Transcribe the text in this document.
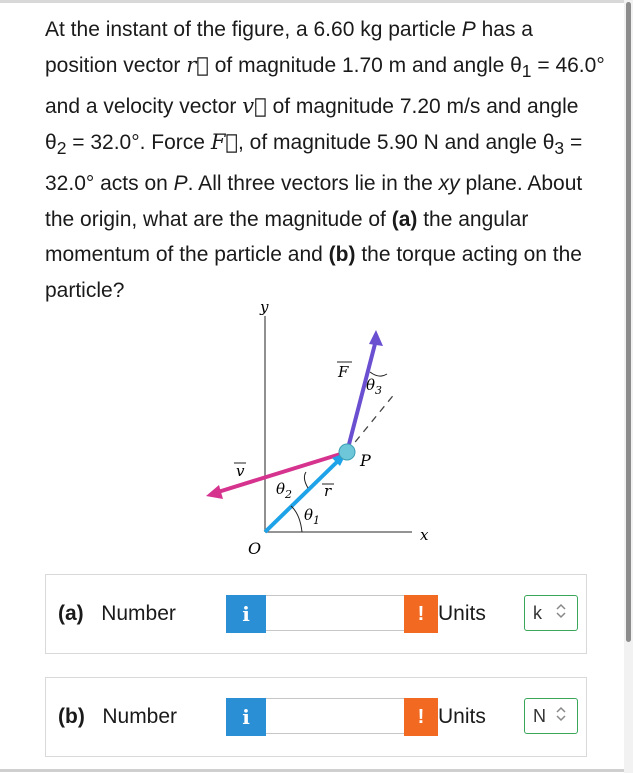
At the instant of the figure, a 6.60 kg particle P has a position vector r⃗ of magnitude 1.70 m and angle $\theta_1 = 46.0^\circ$ and a velocity vector v⃗ of magnitude 7.20 m/s and angle $\theta_2 = 32.0^\circ$. Force F⃗, of magnitude 5.90 N and angle $\theta_3 = 32.0^\circ$ acts on P. All three vectors lie in the xy plane. About the origin, what are the magnitude of (a) the angular momentum of the particle and (b) the torque acting on the particle?
y
x
O
F
$\theta_3$
v
r
$\theta_1$
$\theta_2$
P
(a) Number	i	! Units	k
(b) Number	i	! Units	N
